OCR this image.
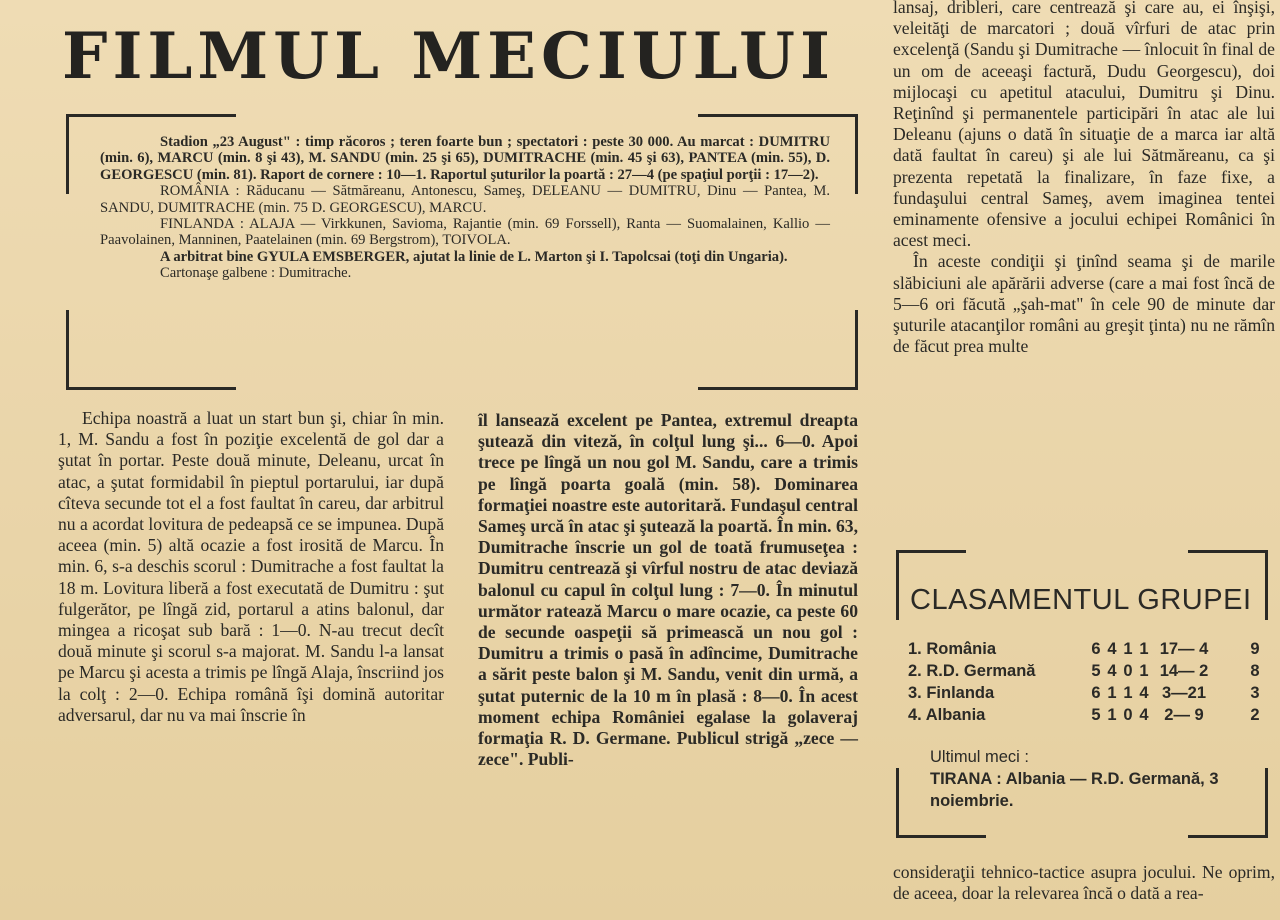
FILMUL MECIULUI

Stadion „23 August" : timp răcoros ; teren foarte bun ; spectatori : peste 30 000. Au marcat : DUMITRU (min. 6), MARCU (min. 8 şi 43), M. SANDU (min. 25 şi 65), DUMITRACHE (min. 45 şi 63), PANTEA (min. 55), D. GEORGESCU (min. 81). Raport de cornere : 10—1. Raportul şuturilor la poartă : 27—4 (pe spaţiul porţii : 17—2).

ROMÂNIA : Răducanu — Sătmăreanu, Antonescu, Sameş, DELEANU — DUMITRU, Dinu — Pantea, M. SANDU, DUMITRACHE (min. 75 D. GEORGESCU), MARCU.

FINLANDA : ALAJA — Virkkunen, Savioma, Rajantie (min. 69 Forssell), Ranta — Suomalainen, Kallio — Paavolainen, Manninen, Paatelainen (min. 69 Bergstrom), TOIVOLA.

A arbitrat bine GYULA EMSBERGER, ajutat la linie de L. Marton şi I. Tapolcsai (toţi din Ungaria).

Cartonaşe galbene : Dumitrache.

Echipa noastră a luat un start bun şi, chiar în min. 1, M. Sandu a fost în poziţie excelentă de gol dar a şutat în portar. Peste două minute, Deleanu, urcat în atac, a şutat formidabil în pieptul portarului, iar după cîteva secunde tot el a fost faultat în careu, dar arbitrul nu a acordat lovitura de pedeapsă ce se impunea. După aceea (min. 5) altă ocazie a fost irosită de Marcu. În min. 6, s-a deschis scorul : Dumitrache a fost faultat la 18 m. Lovitura liberă a fost executată de Dumitru : şut fulgerător, pe lîngă zid, portarul a atins balonul, dar mingea a ricoşat sub bară : 1—0. N-au trecut decît două minute şi scorul s-a majorat. M. Sandu l-a lansat pe Marcu şi acesta a trimis pe lîngă Alaja, înscriind jos la colţ : 2—0. Echipa română îşi domină autoritar adversarul, dar nu va mai înscrie în

îl lansează excelent pe Pantea, extremul dreapta şutează din viteză, în colţul lung şi... 6—0. Apoi trece pe lîngă un nou gol M. Sandu, care a trimis pe lîngă poarta goală (min. 58). Dominarea formaţiei noastre este autoritară. Fundaşul central Sameş urcă în atac şi şutează la poartă. În min. 63, Dumitrache înscrie un gol de toată frumuseţea : Dumitru centrează şi vîrful nostru de atac deviază balonul cu capul în colţul lung : 7—0. În minutul următor ratează Marcu o mare ocazie, ca peste 60 de secunde oaspeţii să primească un nou gol : Dumitru a trimis o pasă în adîncime, Dumitrache a sărit peste balon şi M. Sandu, venit din urmă, a şutat puternic de la 10 m în plasă : 8—0. În acest moment echipa României egalase la golaveraj formaţia R. D. Germane. Publicul strigă „zece — zece". Publi-

lansaj, dribleri, care centrează şi care au, ei înşişi, veleităţi de marcatori ; două vîrfuri de atac prin excelenţă (Sandu şi Dumitrache — înlocuit în final de un om de aceeaşi factură, Dudu Georgescu), doi mijlocaşi cu apetitul atacului, Dumitru şi Dinu. Reţinînd şi permanentele participări în atac ale lui Deleanu (ajuns o dată în situaţie de a marca iar altă dată faultat în careu) şi ale lui Sătmăreanu, ca şi prezenta repetată la finalizare, în faze fixe, a fundaşului central Sameş, avem imaginea tentei eminamente ofensive a jocului echipei Românici în acest meci.

În aceste condiţii şi ţinînd seama şi de marile slăbiciuni ale apărării adverse (care a mai fost încă de 5—6 ori făcută „şah-mat" în cele 90 de minute dar şuturile atacanţilor români au greşit ţinta) nu ne rămîn de făcut prea multe

CLASAMENTUL GRUPEI
1. România	6 4 1 1 17— 4	9
2. R.D. Germană	5 4 0 1 14— 2	8
3. Finlanda	6 1 1 4 3—21	3
4. Albania	5 1 0 4 2— 9	2
Ultimul meci :
TIRANA : Albania — R.D. Germană, 3 noiembrie.

consideraţii tehnico-tactice asupra jocului. Ne oprim, de aceea, doar la relevarea încă o dată a rea-
